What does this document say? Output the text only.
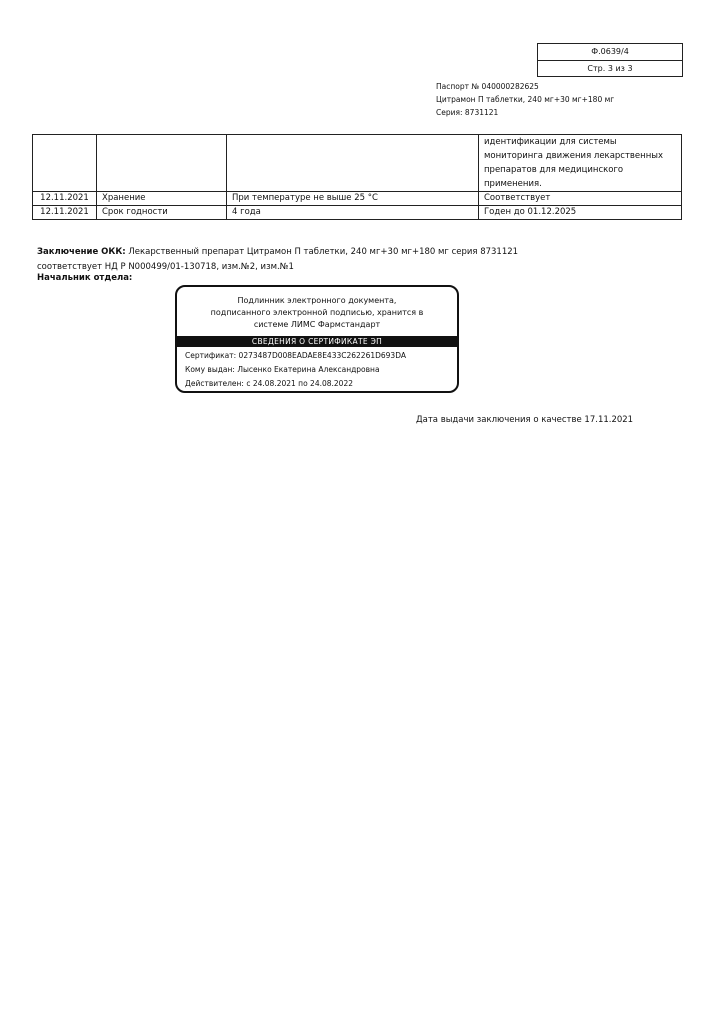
Ф.0639/4
Стр. 3 из 3
Паспорт № 040000282625
Цитрамон П таблетки, 240 мг+30 мг+180 мг
Серия: 8731121
			идентификации для системы мониторинга движения лекарственных препаратов для медицинского применения.
12.11.2021	Хранение	При температуре не выше 25 °С	Соответствует
12.11.2021	Срок годности	4 года	Годен до 01.12.2025
Заключение ОКК: Лекарственный препарат Цитрамон П таблетки, 240 мг+30 мг+180 мг серия 8731121 соответствует НД Р N000499/01-130718, изм.№2, изм.№1
Начальник отдела:
Подлинник электронного документа,
подписанного электронной подписью, хранится в
системе ЛИМС Фармстандарт
СВЕДЕНИЯ О СЕРТИФИКАТЕ ЭП
Сертификат: 0273487D008EADAE8E433C262261D693DA
Кому выдан: Лысенко Екатерина Александровна
Действителен: с 24.08.2021 по 24.08.2022
Дата выдачи заключения о качестве 17.11.2021
